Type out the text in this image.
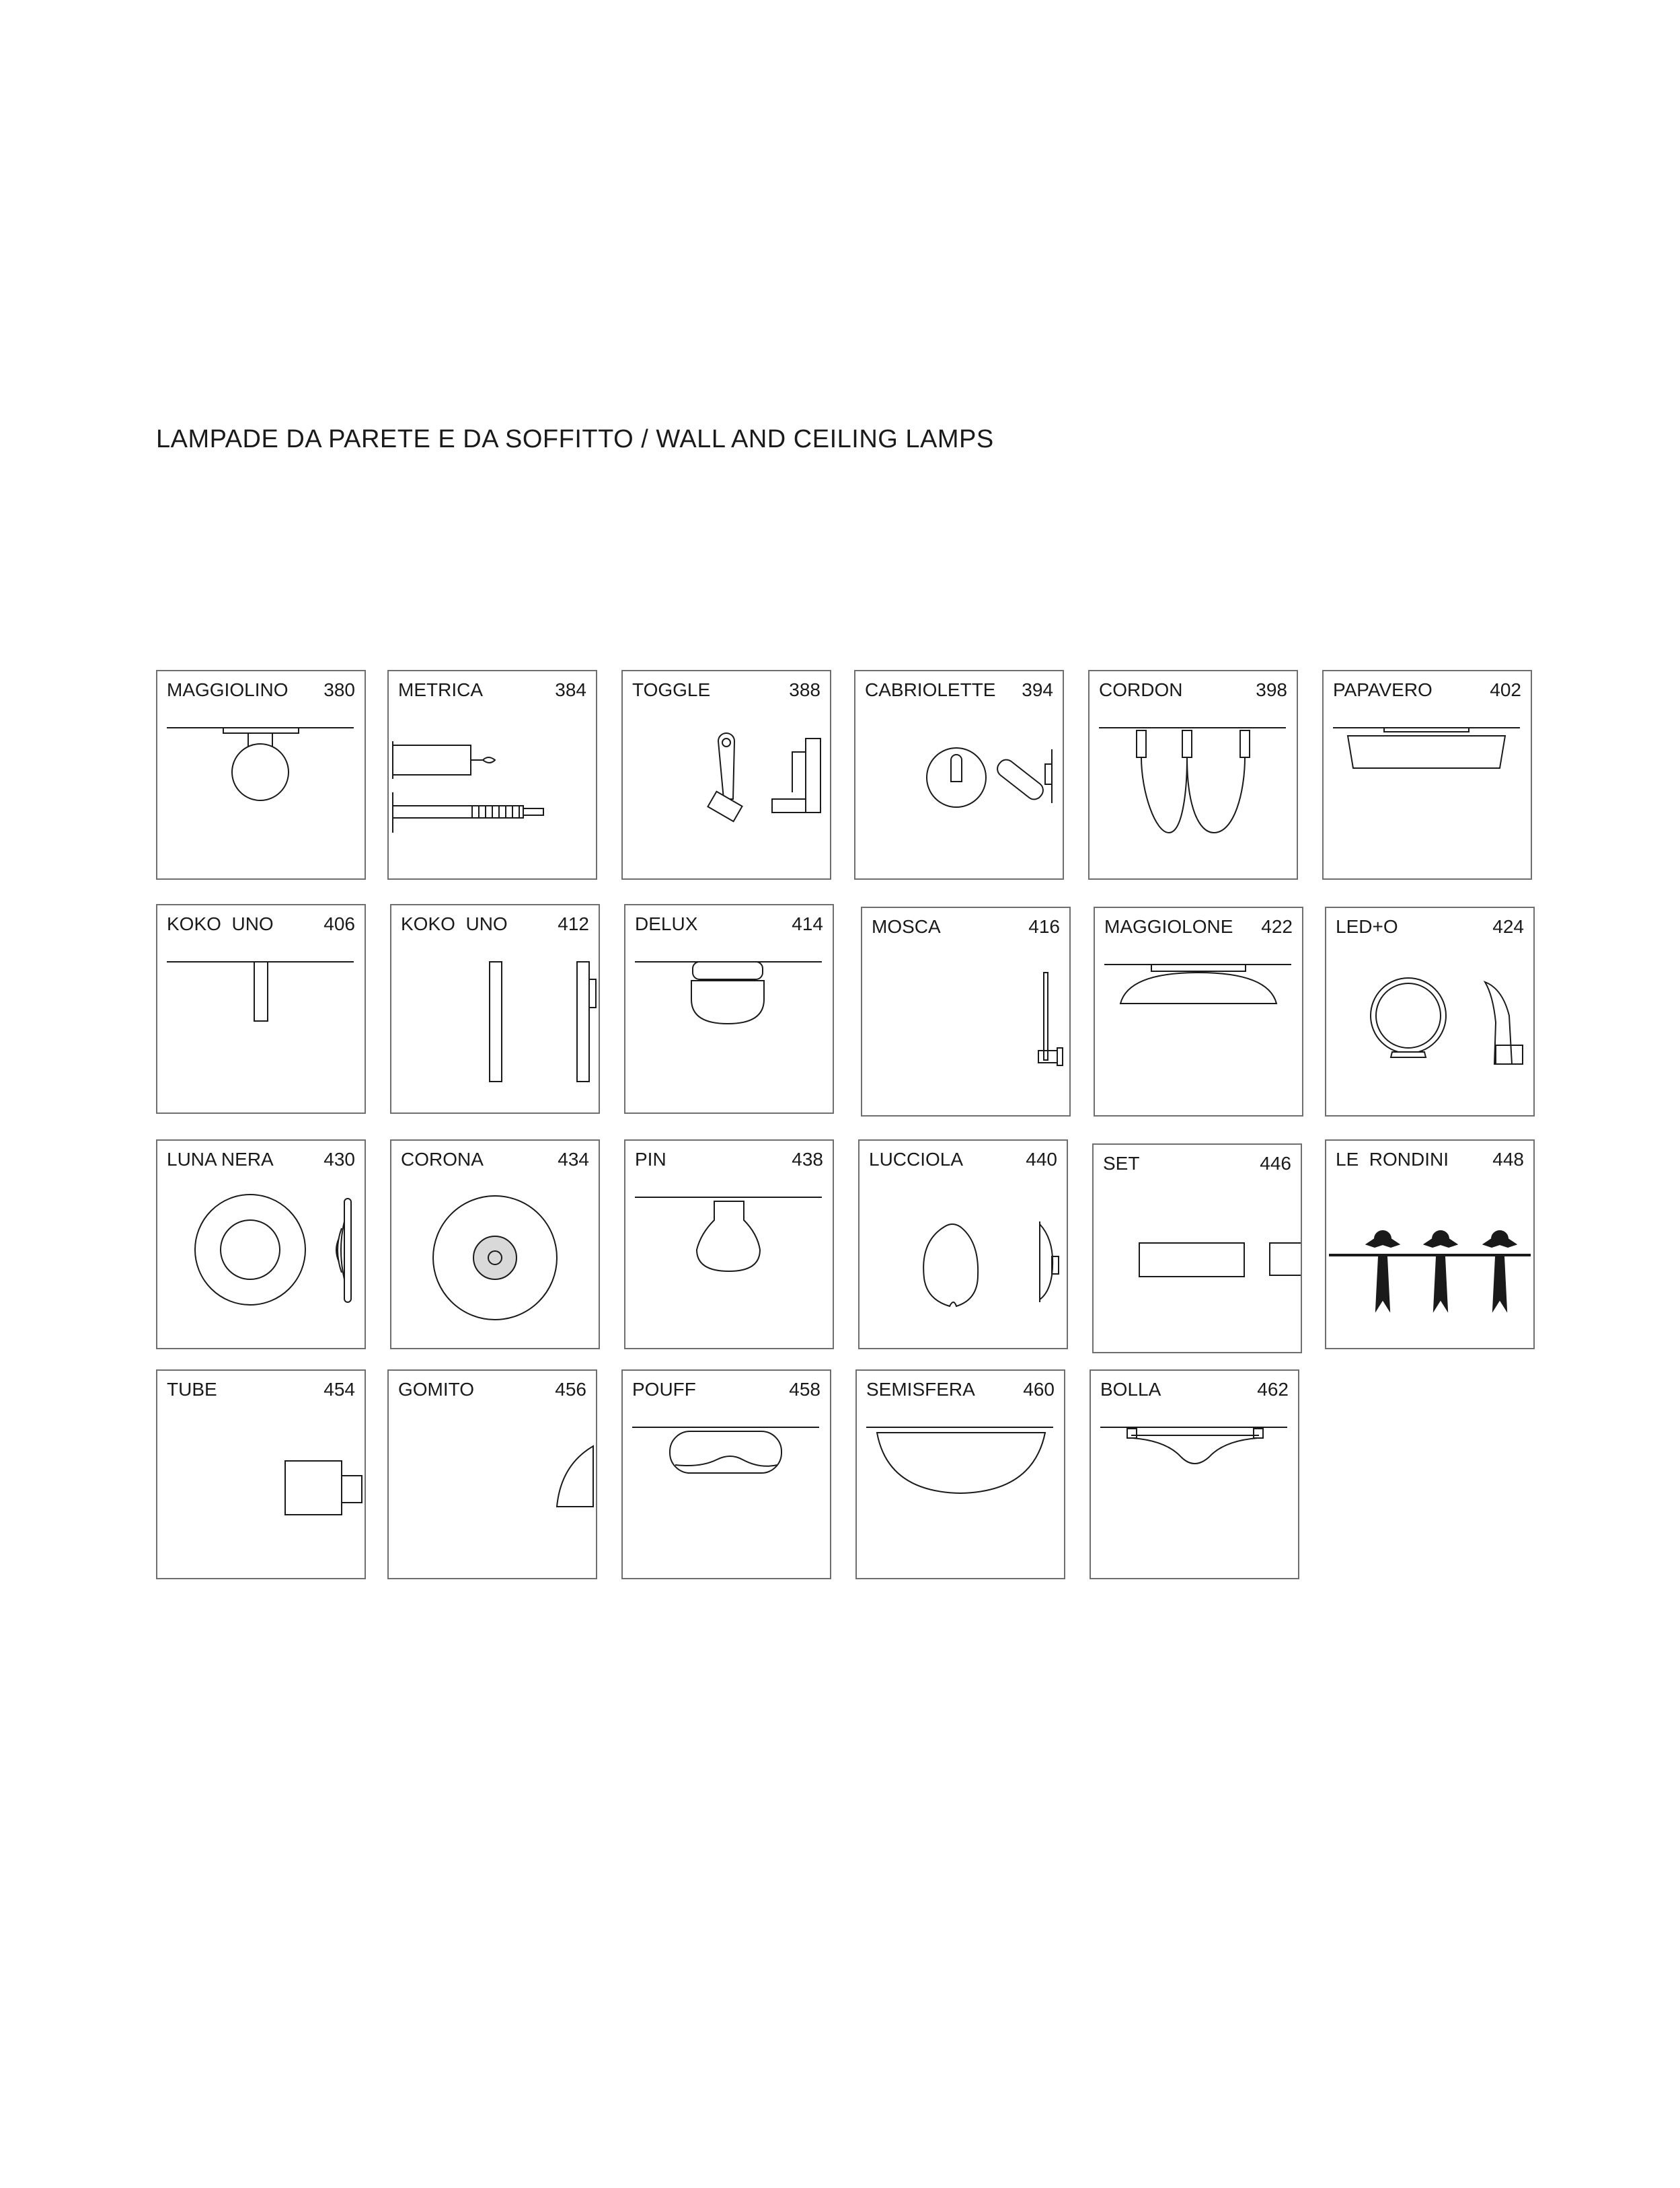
LAMPADE DA PARETE E DA SOFFITTO / WALL AND CEILING LAMPS
MAGGIOLINO 380 METRICA	384 TOGGLE	388 CABRIOLETTE 394 CORDON	398 PAPAVERO	402
KOKO  UNO	406 KOKO  UNO	412 DELUX	414	MOSCA	416 MAGGIOLONE 422 LED+O	424
LUNA NERA	430 CORONA	434 PIN	438 LUCCIOLA	440 SET	446 LE  RONDINI 448
TUBE	454 GOMITO	456 POUFF	458 SEMISFERA	460 BOLLA	462
